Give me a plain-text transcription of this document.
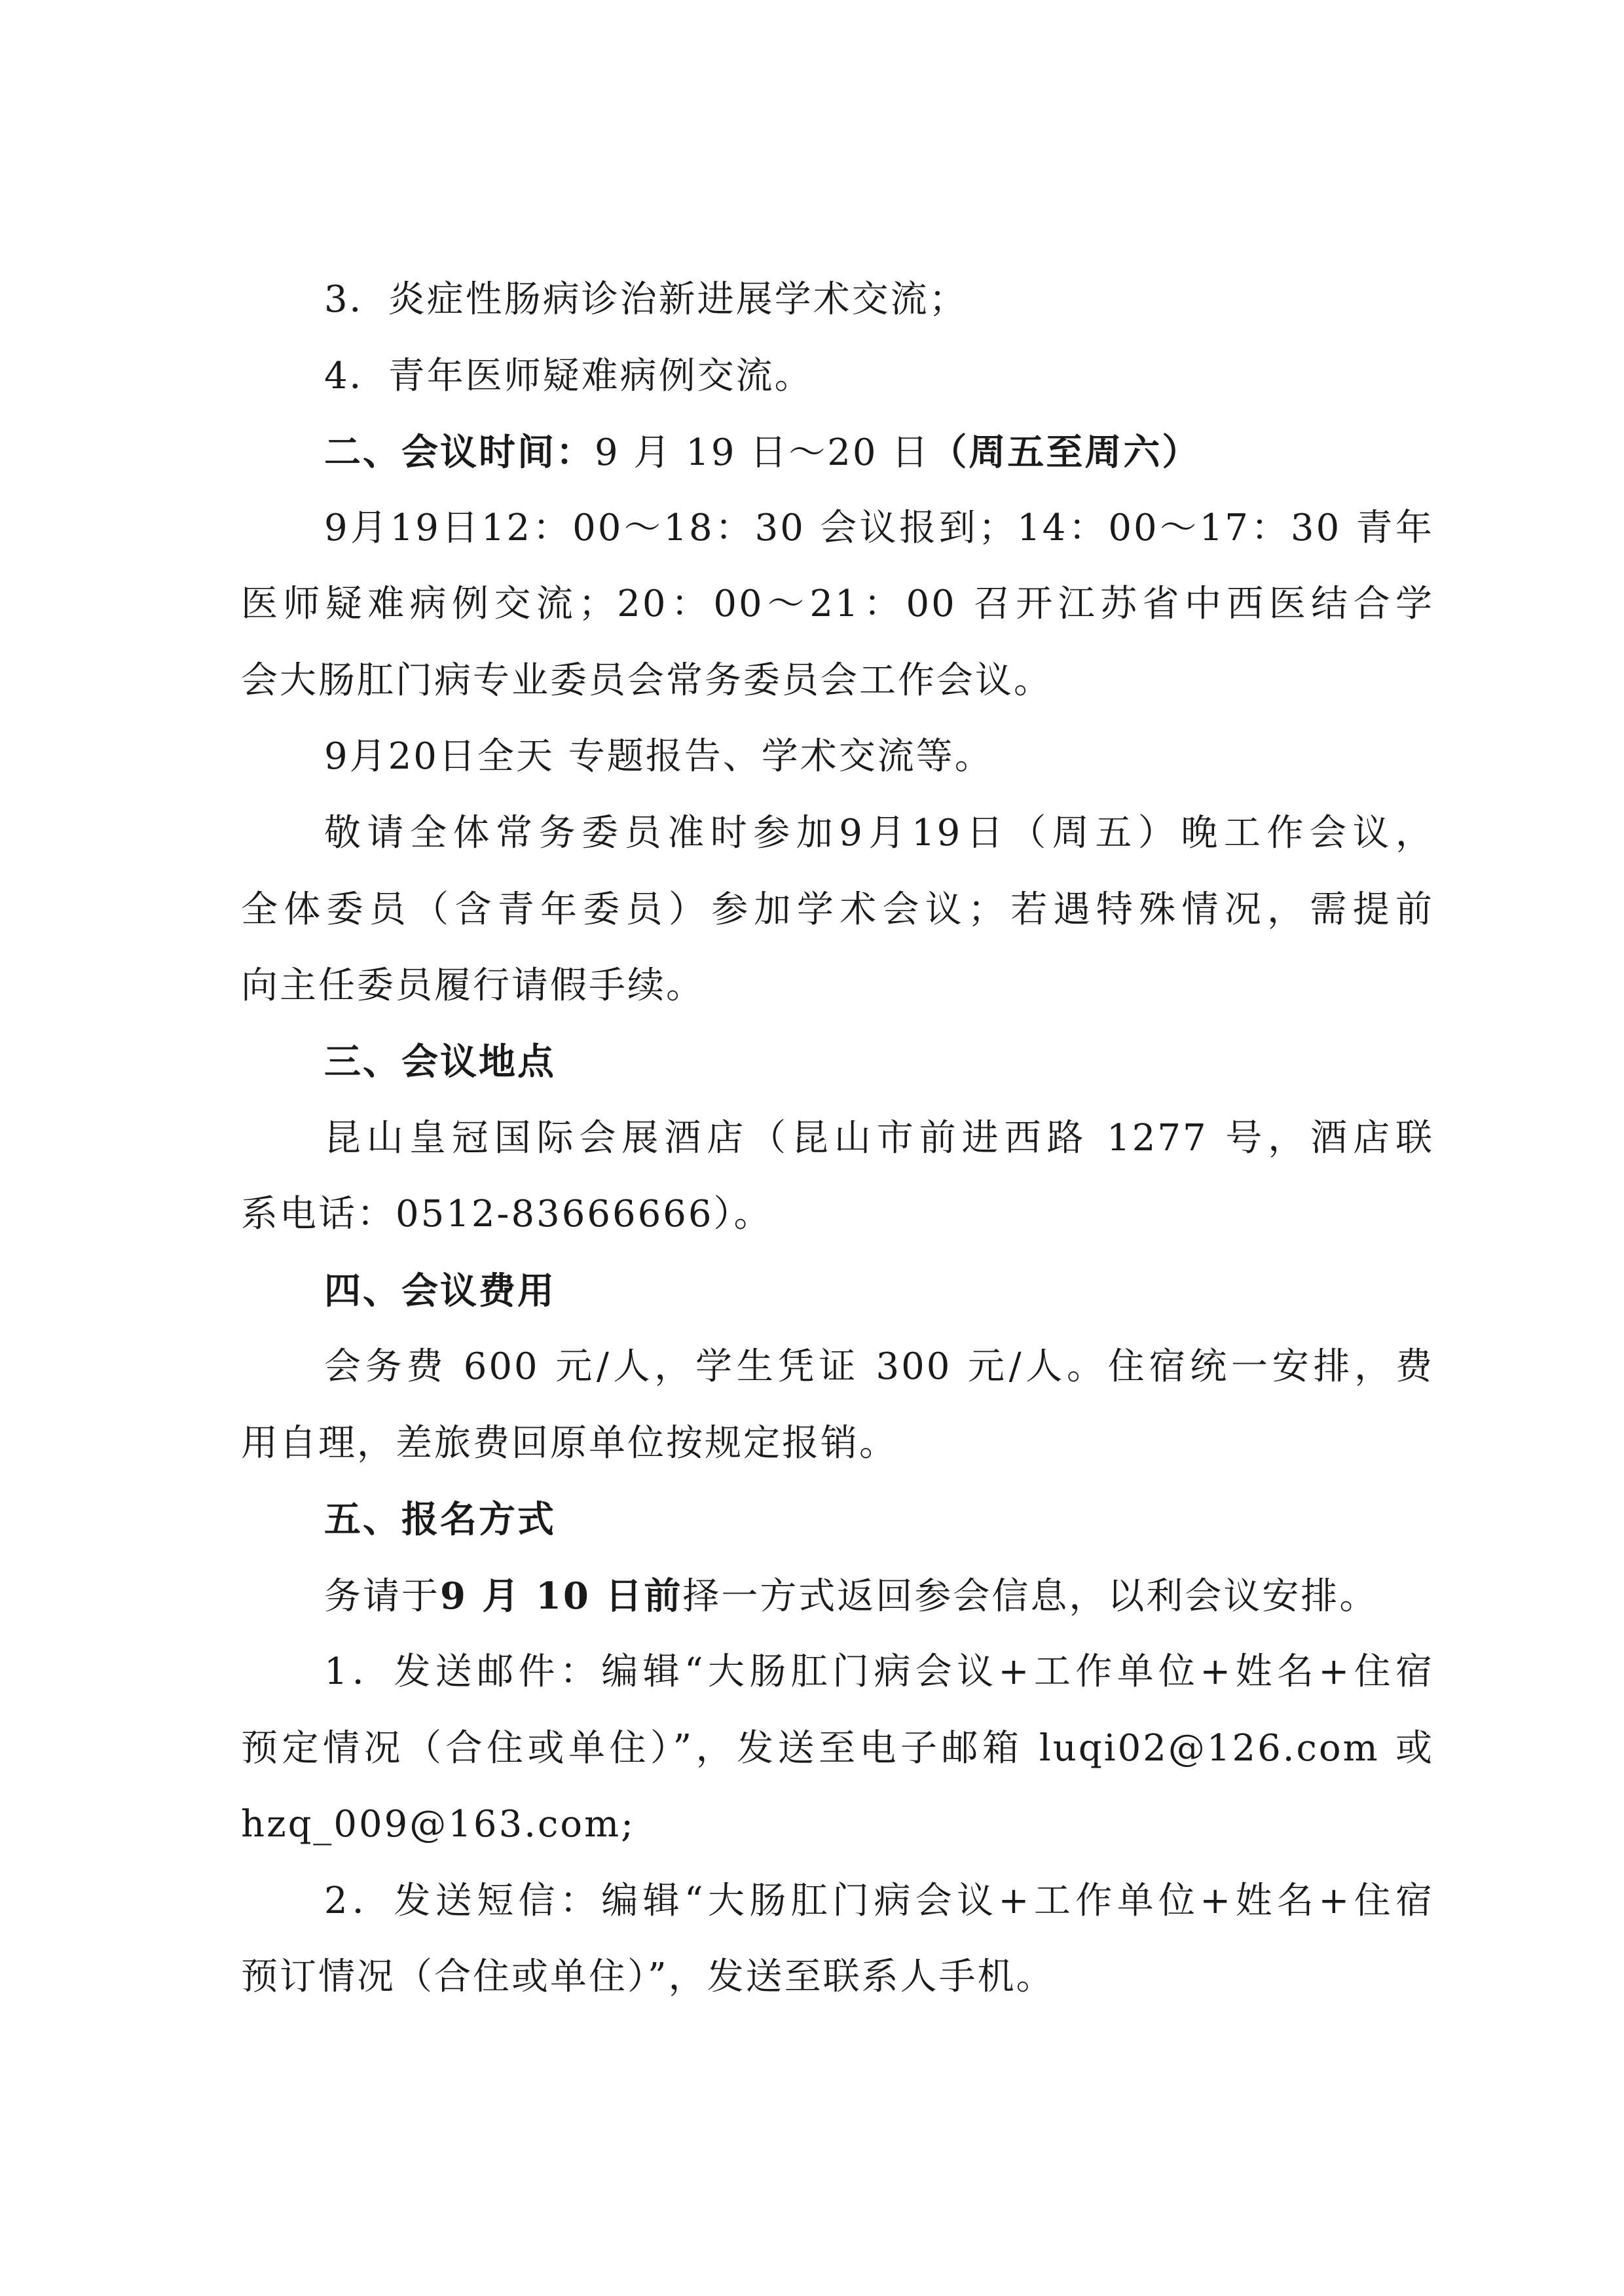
3．炎症性肠病诊治新进展学术交流；
4．青年医师疑难病例交流。
二、会议时间：9 月 19 日～20 日（周五至周六）
9月19日12：00～18：30 会议报到；14：00～17：30 青年
医师疑难病例交流；20：00～21：00 召开江苏省中西医结合学
会大肠肛门病专业委员会常务委员会工作会议。
9月20日全天 专题报告、学术交流等。
敬请全体常务委员准时参加9月19日（周五）晚工作会议，
全体委员（含青年委员）参加学术会议；若遇特殊情况，需提前
向主任委员履行请假手续。
三、会议地点
昆山皇冠国际会展酒店（昆山市前进西路 1277 号，酒店联
系电话：0512-83666666）。
四、会议费用
会务费 600 元/人，学生凭证 300 元/人。住宿统一安排，费
用自理，差旅费回原单位按规定报销。
五、报名方式
务请于9 月 10 日前择一方式返回参会信息，以利会议安排。
1．发送邮件：编辑“大肠肛门病会议+工作单位+姓名+住宿
预定情况（合住或单住）”，发送至电子邮箱 luqi02@126.com 或
hzq_009@163.com;
2．发送短信：编辑“大肠肛门病会议+工作单位+姓名+住宿
预订情况（合住或单住）”，发送至联系人手机。
